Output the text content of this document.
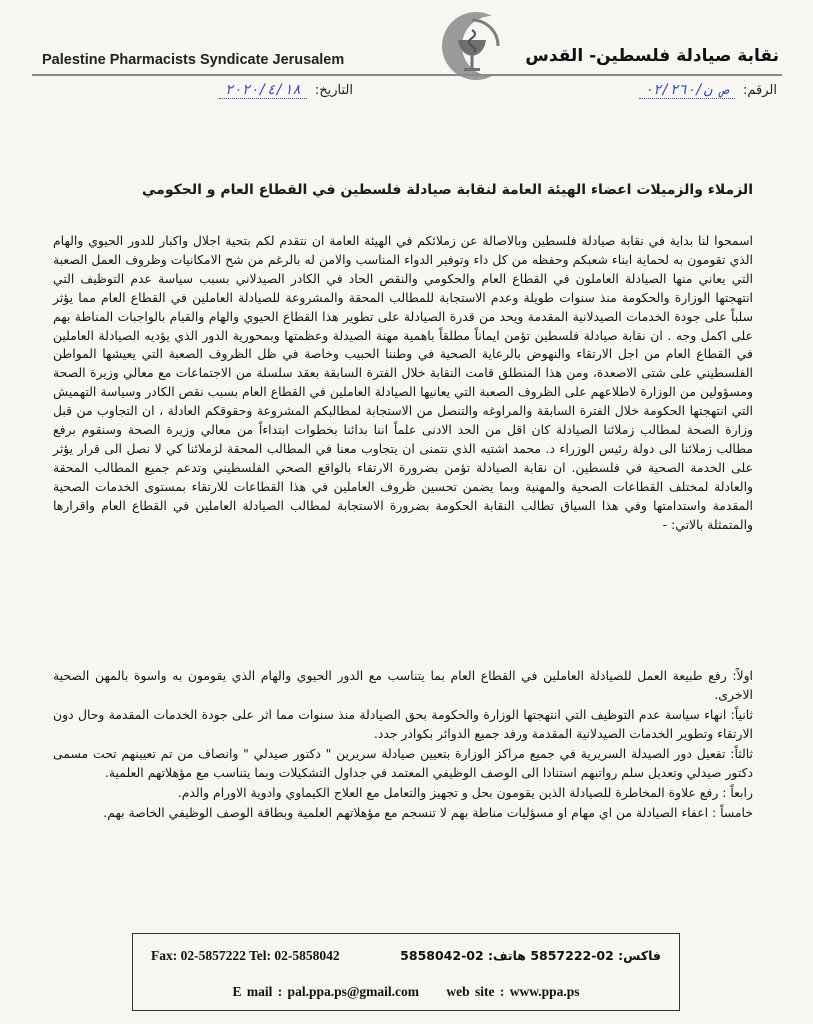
Palestine Pharmacists Syndicate Jerusalem	نقابة صيادلة فلسطين- القدس
الرقم: ص ن/٠٢/٢٦٠
التاريخ: ٢٠٢٠/٤/١٨
الزملاء والزميلات اعضاء الهيئة العامة لنقابة صيادلة فلسطين في القطاع العام و الحكومي

اسمحوا لنا بداية في نقابة صيادلة فلسطين وبالاصالة عن زملائكم في الهيئة العامة ان نتقدم لكم بتحية اجلال واكبار للدور الحيوي والهام الذي تقومون به لحماية ابناء شعبكم وحفظه من كل داء وتوفير الدواء المناسب والامن له بالرغم من شح الامكانيات وظروف العمل الصعبة التي يعاني منها الصيادلة العاملون في القطاع العام والحكومي والنقص الحاد في الكادر الصيدلاني بسبب سياسة عدم التوظيف التي انتهجتها الوزارة والحكومة منذ سنوات طويلة وعدم الاستجابة للمطالب المحقة والمشروعة للصيادلة العاملين في القطاع العام مما يؤثر سلباً على جودة الخدمات الصيدلانية المقدمة ويحد من قدرة الصيادلة على تطوير هذا القطاع الحيوي والهام والقيام بالواجبات المناطة بهم على اكمل وجه . ان نقابة صيادلة فلسطين تؤمن ايماناً مطلقاً باهمية مهنة الصيدلة وعظمتها وبمحورية الدور الذي يؤديه الصيادلة العاملين في القطاع العام من اجل الارتقاء والنهوض بالرعاية الصحية في وطننا الحبيب وخاصة في ظل الظروف الصعبة التي يعيشها المواطن الفلسطيني على شتى الاصعدة، ومن هذا المنطلق قامت النقابة خلال الفترة السابقة بعقد سلسلة من الاجتماعات مع معالي وزيرة الصحة ومسؤولين من الوزارة لاطلاعهم على الظروف الصعبة التي يعانيها الصيادلة العاملين في القطاع العام بسبب نقص الكادر وسياسة التهميش التي انتهجتها الحكومة خلال الفترة السابقة والمراوغه والتنصل من الاستجابة لمطالبكم المشروعة وحقوقكم العادلة ، ان التجاوب من قبل وزارة الصحة لمطالب زملائنا الصيادلة كان اقل من الحد الادنى علماً اننا بدائنا بخطوات ابتداءاً من معالي وزيرة الصحة وسنقوم برفع مطالب زملائنا الى دولة رئيس الوزراء د. محمد اشتيه الذي نتمنى ان يتجاوب معنا في المطالب المحقة لزملائنا كي لا نصل الى قرار يؤثر على الخدمة الصحية في فلسطين. ان نقابة الصيادلة تؤمن بضرورة الارتقاء بالواقع الصحي الفلسطيني وتدعم جميع المطالب المحقة والعادلة لمختلف القطاعات الصحية والمهنية وبما يضمن تحسين ظروف العاملين في هذا القطاعات للارتقاء بمستوى الخدمات الصحية المقدمة واستدامتها وفي هذا السياق تطالب النقابة الحكومة بضرورة الاستجابة لمطالب الصيادلة العاملين في القطاع العام واقرارها والمتمثلة بالاتي: -

اولاً: رفع طبيعة العمل للصيادلة العاملين في القطاع العام بما يتناسب مع الدور الحيوي والهام الذي يقومون به واسوة بالمهن الصحية الاخرى.
ثانياً: انهاء سياسة عدم التوظيف التي انتهجتها الوزارة والحكومة بحق الصيادلة منذ سنوات مما اثر على جودة الخدمات المقدمة وحال دون الارتقاء وتطوير الخدمات الصيدلانية المقدمة ورفد جميع الدوائر بكوادر جدد.
ثالثاً: تفعيل دور الصيدلة السريرية في جميع مراكز الوزارة بتعيين صيادلة سريرين " دكتور صيدلي " وانصاف من تم تعيينهم تحت مسمى دكتور صيدلي وتعديل سلم رواتبهم استنادا الى الوصف الوظيفي المعتمد في جداول التشكيلات وبما يتناسب مع مؤهلاتهم العلمية.
رابعاً : رفع علاوة المخاطرة للصيادلة الذين يقومون بحل و تجهيز والتعامل مع العلاج الكيماوي وادوية الاورام والدم.
خامساً : اعفاء الصيادلة من اي مهام او مسؤليات مناطة بهم لا تنسجم مع مؤهلاتهم العلمية وبطاقة الوصف الوظيفي الخاصة بهم.
Fax: 02-5857222 Tel: 02-5858042	فاكس: 02-5857222 هاتف: 02-5858042
E mail : pal.ppa.ps@gmail.com web site : www.ppa.ps
